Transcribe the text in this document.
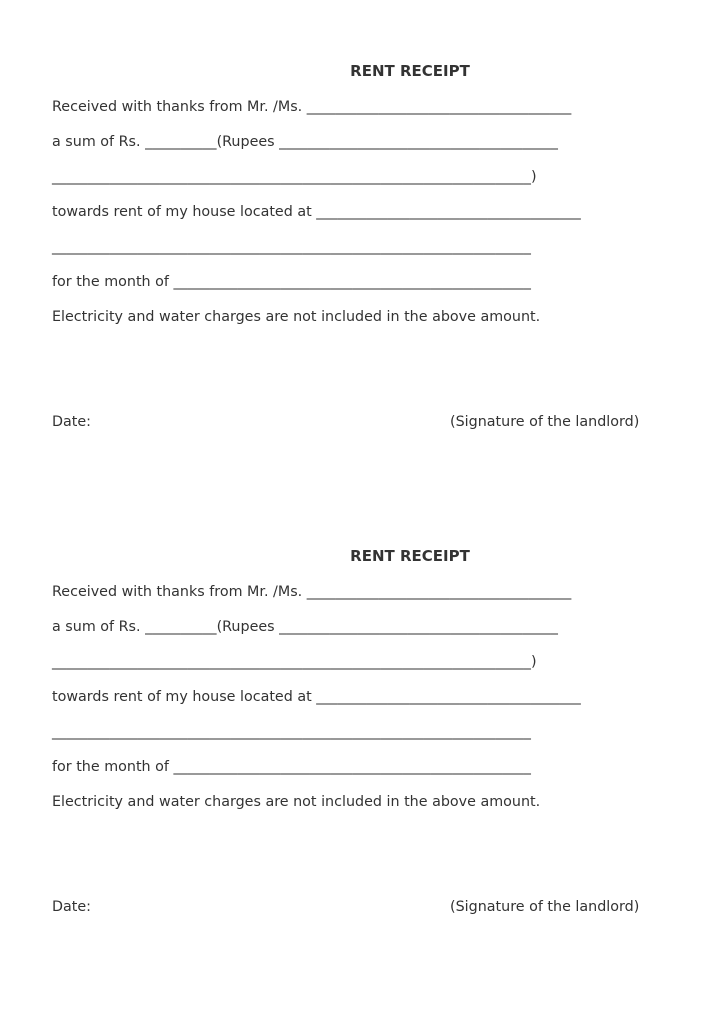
RENT RECEIPT
Received with thanks from Mr. /Ms. _____________________________________
a sum of Rs. __________(Rupees _______________________________________
___________________________________________________________________)
towards rent of my house located at _____________________________________
___________________________________________________________________
for the month of __________________________________________________
Electricity and water charges are not included in the above amount.
Date:	(Signature of the landlord)
RENT RECEIPT
Received with thanks from Mr. /Ms. _____________________________________
a sum of Rs. __________(Rupees _______________________________________
___________________________________________________________________)
towards rent of my house located at _____________________________________
___________________________________________________________________
for the month of __________________________________________________
Electricity and water charges are not included in the above amount.
Date:	(Signature of the landlord)
